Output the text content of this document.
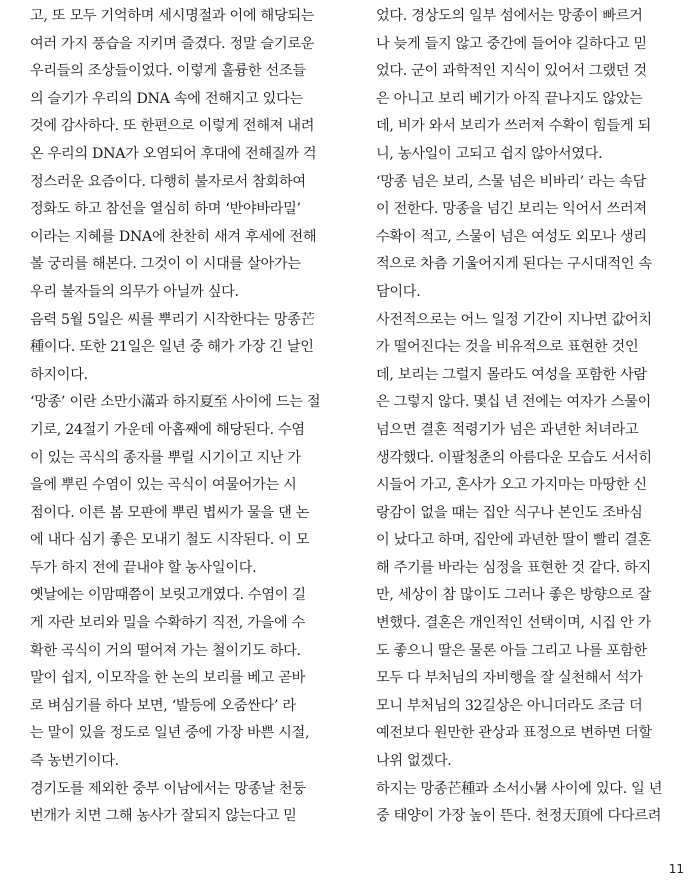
고, 또 모두 기억하며 세시명절과 이에 해당되는
여러 가지 풍습을 지키며 즐겼다. 정말 슬기로운
우리들의 조상들이었다. 이렇게 훌륭한 선조들
의 슬기가 우리의 DNA 속에 전해지고 있다는
것에 감사하다. 또 한편으로 이렇게 전해져 내려
온 우리의 DNA가 오염되어 후대에 전해질까 걱
정스러운 요즘이다. 다행히 불자로서 참회하여
정화도 하고 참선을 열심히 하며 ‘반야바라밀’
이라는 지혜를 DNA에 찬찬히 새겨 후세에 전해
볼 궁리를 해본다. 그것이 이 시대를 살아가는
우리 불자들의 의무가 아닐까 싶다.
음력 5월 5일은 씨를 뿌리기 시작한다는 망종芒
種이다. 또한 21일은 일년 중 해가 가장 긴 날인
하지이다.
‘망종’ 이란 소만小滿과 하지夏至 사이에 드는 절
기로, 24절기 가운데 아홉째에 해당된다. 수염
이 있는 곡식의 종자를 뿌릴 시기이고 지난 가
을에 뿌린 수염이 있는 곡식이 여물어가는 시
점이다. 이른 봄 모판에 뿌린 볍씨가 물을 댄 논
에 내다 심기 좋은 모내기 철도 시작된다. 이 모
두가 하지 전에 끝내야 할 농사일이다.
옛날에는 이맘때쯤이 보릿고개였다. 수염이 길
게 자란 보리와 밀을 수확하기 직전, 가을에 수
확한 곡식이 거의 떨어져 가는 철이기도 하다.
말이 쉽지, 이모작을 한 논의 보리를 베고 곧바
로 벼심기를 하다 보면, ‘발등에 오줌싼다’ 라
는 말이 있을 정도로 일년 중에 가장 바쁜 시절,
즉 농번기이다.
경기도를 제외한 중부 이남에서는 망종날 천둥
번개가 치면 그해 농사가 잘되지 않는다고 믿
었다. 경상도의 일부 섬에서는 망종이 빠르거
나 늦게 들지 않고 중간에 들어야 길하다고 믿
었다. 군이 과학적인 지식이 있어서 그랬던 것
은 아니고 보리 베기가 아직 끝나지도 않았는
데, 비가 와서 보리가 쓰러져 수확이 힘들게 되
니, 농사일이 고되고 쉽지 않아서였다.
‘망종 넘은 보리, 스물 넘은 비바리’ 라는 속담
이 전한다. 망종을 넘긴 보리는 익어서 쓰러져
수확이 적고, 스물이 넘은 여성도 외모나 생리
적으로 차츰 기울어지게 된다는 구시대적인 속
담이다.
사전적으로는 어느 일정 기간이 지나면 값어치
가 떨어진다는 것을 비유적으로 표현한 것인
데, 보리는 그럴지 몰라도 여성을 포함한 사람
은 그렇지 않다. 몇십 년 전에는 여자가 스물이
넘으면 결혼 적령기가 넘은 과년한 처녀라고
생각했다. 이팔청춘의 아름다운 모습도 서서히
시들어 가고, 혼사가 오고 가지마는 마땅한 신
랑감이 없을 때는 집안 식구나 본인도 조바심
이 났다고 하며, 집안에 과년한 딸이 빨리 결혼
해 주기를 바라는 심정을 표현한 것 같다. 하지
만, 세상이 참 많이도 그러나 좋은 방향으로 잘
변했다. 결혼은 개인적인 선택이며, 시집 안 가
도 좋으니 딸은 물론 아들 그리고 나를 포함한
모두 다 부처님의 자비행을 잘 실천해서 석가
모니 부처님의 32길상은 아니더라도 조금 더
예전보다 원만한 관상과 표정으로 변하면 더할
나위 없겠다.
하지는 망종芒種과 소서小暑 사이에 있다. 일 년
중 태양이 가장 높이 뜬다. 천정天頂에 다다르려
11
